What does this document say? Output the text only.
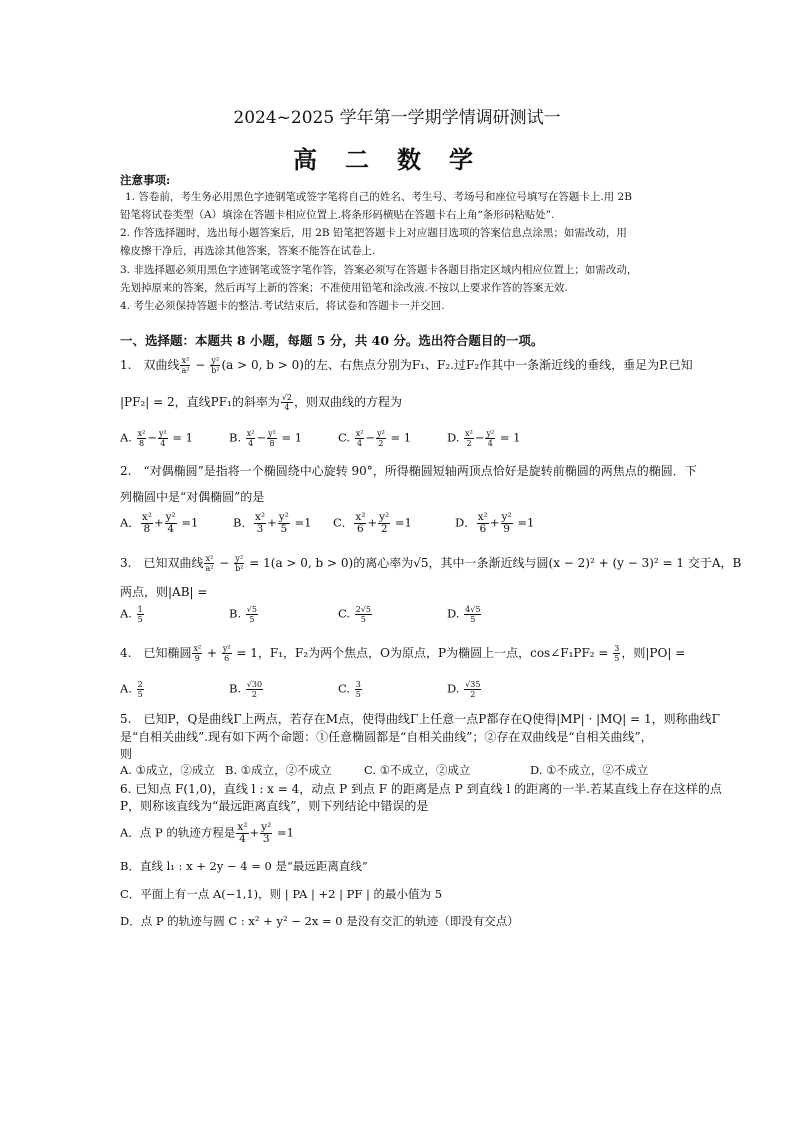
2024~2025 学年第一学期学情调研测试一
高二数学
注意事项:
1. 答卷前，考生务必用黑色字迹钢笔或签字笔将自己的姓名、考生号、考场号和座位号填写在答题卡上.用 2B
铅笔将试卷类型（A）填涂在答题卡相应位置上.将条形码横贴在答题卡右上角“条形码粘贴处”.
2. 作答选择题时，选出每小题答案后，用 2B 铅笔把答题卡上对应题目选项的答案信息点涂黑；如需改动，用
橡皮擦干净后，再选涂其他答案，答案不能答在试卷上.
3. 非选择题必须用黑色字迹钢笔或签字笔作答，答案必须写在答题卡各题目指定区域内相应位置上；如需改动，
先划掉原来的答案，然后再写上新的答案；不准使用铅笔和涂改液.不按以上要求作答的答案无效.
4. 考生必须保持答题卡的整洁.考试结束后，将试卷和答题卡一并交回.
一、选择题：本题共 8 小题，每题 5 分，共 40 分。选出符合题目的一项。
1.　双曲线 $\frac{\text{x²}}{\text{a²}} - \frac{\text{y²}}{\text{b²}} (a > 0$, b > 0)的左、右焦点分别为F₁、F₂.过F₂作其中一条渐近线的垂线，垂足为P.已知
|PF₂| = 2，直线PF₁的斜率为 $\frac{√2}{4}$ ，则双曲线的方程为
A. $\frac{\text{x²}}{8} - \frac{\text{y²}}{4} = 1$	B. $\frac{\text{x²}}{4} - \frac{\text{y²}}{8} = 1$	C. $\frac{\text{x²}}{4} - \frac{\text{y²}}{2} = 1$	D. $\frac{\text{x²}}{2} - \frac{\text{y²}}{4} = 1$
2.　“对偶椭圆”是指将一个椭圆绕中心旋转 90°，所得椭圆短轴两顶点恰好是旋转前椭圆的两焦点的椭圆．下
列椭圆中是“对偶椭圆”的是
A． $\frac{\text{x²}}{8} + \frac{\text{y²}}{4} =1$	B． $\frac{\text{x²}}{3} + \frac{\text{y²}}{5} =1$ C． $\frac{\text{x²}}{6} + \frac{\text{y²}}{2} =1$	D． $\frac{\text{x²}}{6} + \frac{\text{y²}}{9} =1$
3.　已知双曲线 $\frac{\text{x²}}{\text{a²}} - \frac{\text{y²}}{\text{b²}} = 1(a > 0$, b > 0)的离心率为√5，其中一条渐近线与圆(x − 2)² + (y − 3)² = 1 交于A，B
两点，则|AB| =
A. $\frac{1}{5}$	B. $\frac{√5}{5}$	C. $\frac{2√5}{5}$	D. $\frac{4√5}{5}$
4.　已知椭圆 $\frac{\text{x²}}{9} + \frac{\text{y²}}{6} = 1$，F₁，F₂为两个焦点，O为原点，P为椭圆上一点，cos∠F₁PF₂ = $\frac{3}{5}$ ，则|PO| =
A. $\frac{2}{5}$	B. $\frac{√30}{2}$	C. $\frac{3}{5}$	D. $\frac{√35}{2}$
5.　已知P，Q是曲线Γ上两点，若存在M点，使得曲线Γ上任意一点P都存在Q使得|MP| · |MQ| = 1，则称曲线Γ
是“自相关曲线”.现有如下两个命题：①任意椭圆都是“自相关曲线”；②存在双曲线是“自相关曲线”，
则
A. ①成立，②成立 B. ①成立，②不成立	C. ①不成立，②成立	D. ①不成立，②不成立
6. 已知点 F(1,0)，直线 l : x = 4，动点 P 到点 F 的距离是点 P 到直线 l 的距离的一半.若某直线上存在这样的点
P，则称该直线为“最远距离直线”，则下列结论中错误的是
A．点 P 的轨迹方程是 $\frac{\text{x²}}{4} + \frac{\text{y²}}{3} =1$
B．直线 l₁ : x + 2y − 4 = 0 是“最远距离直线”
C．平面上有一点 A(−1,1)，则 | PA | +2 | PF | 的最小值为 5
D．点 P 的轨迹与圆 C : x² + y² − 2x = 0 是没有交汇的轨迹（即没有交点）
